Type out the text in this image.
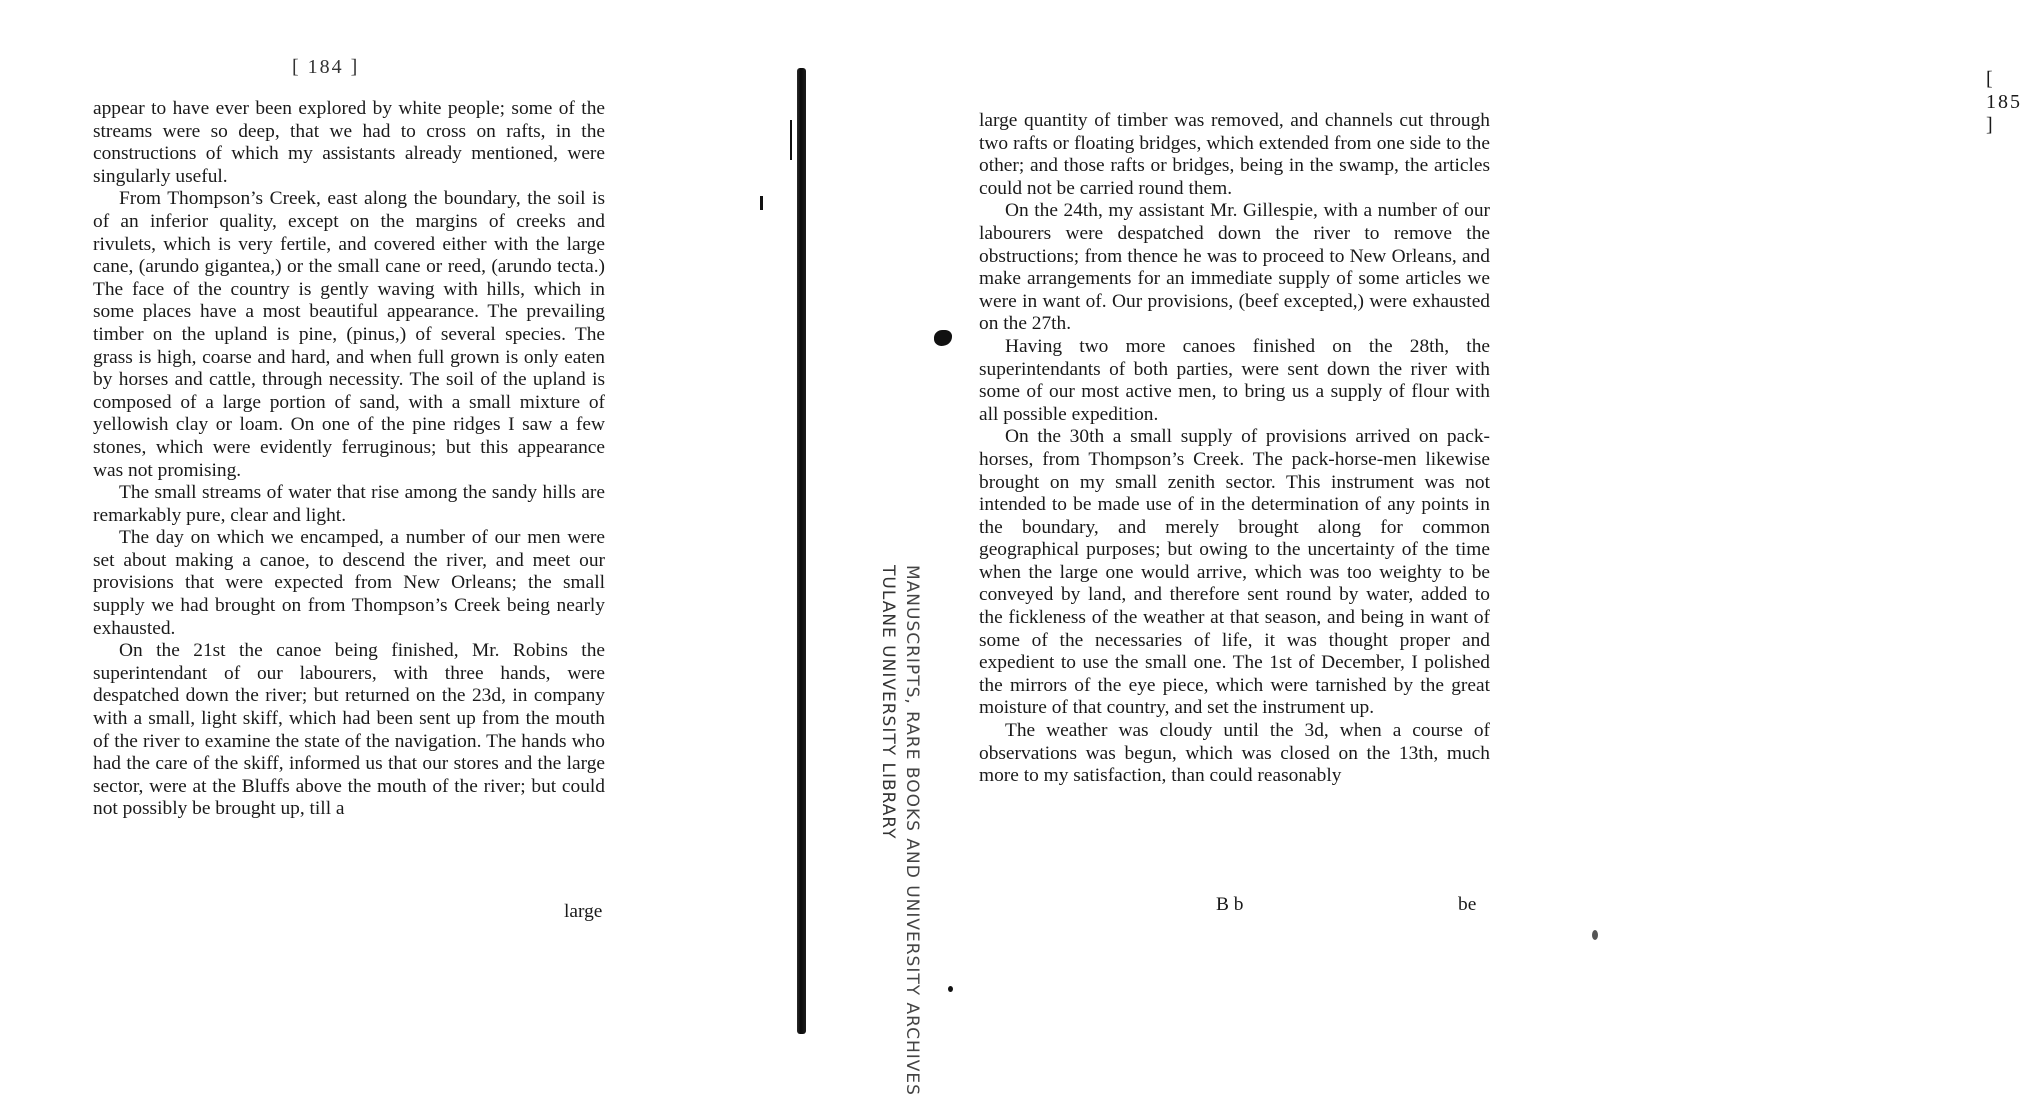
[ 184 ]

appear to have ever been explored by white people; some of the streams were so deep, that we had to cross on rafts, in the constructions of which my assistants already mentioned, were singularly useful.

From Thompson’s Creek, east along the boundary, the soil is of an inferior quality, except on the margins of creeks and rivulets, which is very fertile, and covered either with the large cane, (arundo gigantea,) or the small cane or reed, (arundo tecta.) The face of the country is gently waving with hills, which in some places have a most beautiful appearance. The prevailing timber on the upland is pine, (pinus,) of several species. The grass is high, coarse and hard, and when full grown is only eaten by horses and cattle, through necessity. The soil of the upland is composed of a large portion of sand, with a small mixture of yellowish clay or loam. On one of the pine ridges I saw a few stones, which were evidently ferruginous; but this appearance was not promising.

The small streams of water that rise among the sandy hills are remarkably pure, clear and light.

The day on which we encamped, a number of our men were set about making a canoe, to descend the river, and meet our provisions that were expected from New Orleans; the small supply we had brought on from Thompson’s Creek being nearly exhausted.

On the 21st the canoe being finished, Mr. Robins the superintendant of our labourers, with three hands, were despatched down the river; but returned on the 23d, in company with a small, light skiff, which had been sent up from the mouth of the river to examine the state of the navigation. The hands who had the care of the skiff, informed us that our stores and the large sector, were at the Bluffs above the mouth of the river; but could not possibly be brought up, till a

large
[ 185 ]

large quantity of timber was removed, and channels cut through two rafts or floating bridges, which extended from one side to the other; and those rafts or bridges, being in the swamp, the articles could not be carried round them.

On the 24th, my assistant Mr. Gillespie, with a number of our labourers were despatched down the river to remove the obstructions; from thence he was to proceed to New Orleans, and make arrangements for an immediate supply of some articles we were in want of. Our provisions, (beef excepted,) were exhausted on the 27th.

Having two more canoes finished on the 28th, the superintendants of both parties, were sent down the river with some of our most active men, to bring us a supply of flour with all possible expedition.

On the 30th a small supply of provisions arrived on pack-horses, from Thompson’s Creek. The pack-horse-men likewise brought on my small zenith sector. This instrument was not intended to be made use of in the determination of any points in the boundary, and merely brought along for common geographical purposes; but owing to the uncertainty of the time when the large one would arrive, which was too weighty to be conveyed by land, and therefore sent round by water, added to the fickleness of the weather at that season, and being in want of some of the necessaries of life, it was thought proper and expedient to use the small one. The 1st of December, I polished the mirrors of the eye piece, which were tarnished by the great moisture of that country, and set the instrument up.

The weather was cloudy until the 3d, when a course of observations was begun, which was closed on the 13th, much more to my satisfaction, than could reasonably

B b	be
MANUSCRIPTS, RARE BOOKS AND UNIVERSITY ARCHIVES
TULANE UNIVERSITY LIBRARY
